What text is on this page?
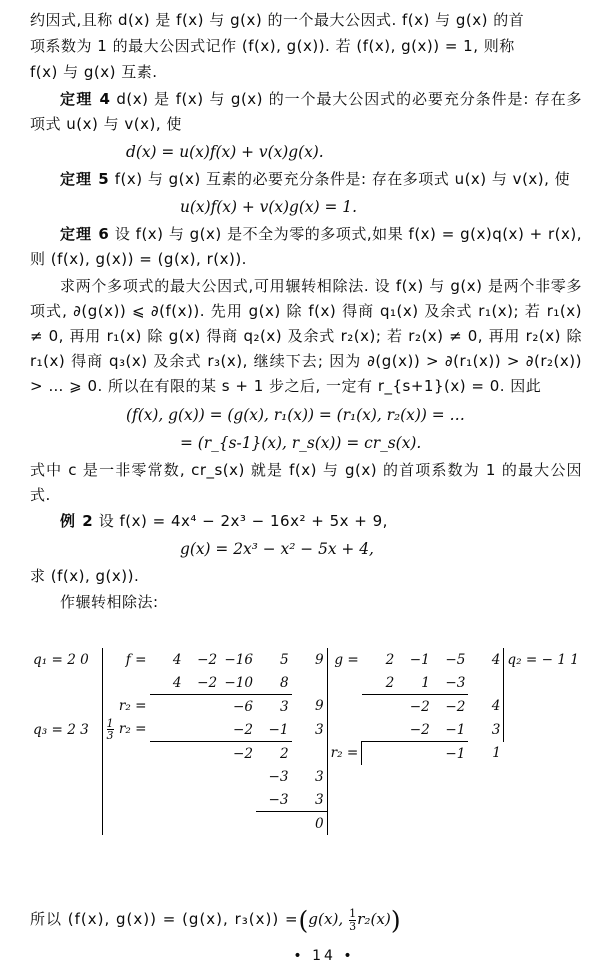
约因式,且称 d(x) 是 f(x) 与 g(x) 的一个最大公因式. f(x) 与 g(x) 的首

项系数为 1 的最大公因式记作 (f(x), g(x)). 若 (f(x), g(x)) = 1, 则称

f(x) 与 g(x) 互素.

定理 4 d(x) 是 f(x) 与 g(x) 的一个最大公因式的必要充分条件是: 存在多项式 u(x) 与 v(x), 使

d(x) = u(x)f(x) + v(x)g(x).

定理 5 f(x) 与 g(x) 互素的必要充分条件是: 存在多项式 u(x) 与 v(x), 使

u(x)f(x) + v(x)g(x) = 1.

定理 6 设 f(x) 与 g(x) 是不全为零的多项式,如果 f(x) = g(x)q(x) + r(x), 则 (f(x), g(x)) = (g(x), r(x)).

求两个多项式的最大公因式,可用辗转相除法. 设 f(x) 与 g(x) 是两个非零多项式, ∂(g(x)) ⩽ ∂(f(x)). 先用 g(x) 除 f(x) 得商 q₁(x) 及余式 r₁(x); 若 r₁(x) ≠ 0, 再用 r₁(x) 除 g(x) 得商 q₂(x) 及余式 r₂(x); 若 r₂(x) ≠ 0, 再用 r₂(x) 除 r₁(x) 得商 q₃(x) 及余式 r₃(x), 继续下去; 因为 ∂(g(x)) > ∂(r₁(x)) > ∂(r₂(x)) > … ⩾ 0. 所以在有限的某 s + 1 步之后, 一定有 r_{s+1}(x) = 0. 因此

(f(x), g(x)) = (g(x), r₁(x)) = (r₁(x), r₂(x)) = …
= (r_{s-1}(x), r_s(x)) = cr_s(x).

式中 c 是一非零常数, cr_s(x) 就是 f(x) 与 g(x) 的首项系数为 1 的最大公因式.

例 2 设 f(x) = 4x⁴ − 2x³ − 16x² + 5x + 9,

g(x) = 2x³ − x² − 5x + 4,

求 (f(x), g(x)).

作辗转相除法:

q₁ = 2 0	f =	4	−2	−16	5	9	g =	2	−1	−5	4	q₂ = − 1 1
		4	−2	−10	8			2	1	−3		
	r₂ =			−6	3	9			−2	−2	4	
q₃ = 2 3	$\frac{1}{3} r_2$ =			−2	−1	3			−2	−1	3	
				−2	2		r₂ =			−1	1	
					−3	3						
					−3	3						
						0						
所以 (f(x), g(x)) = (g(x), r₃(x)) =(g(x), $\frac{1}{3} r_2(x)$)
• 14 •
